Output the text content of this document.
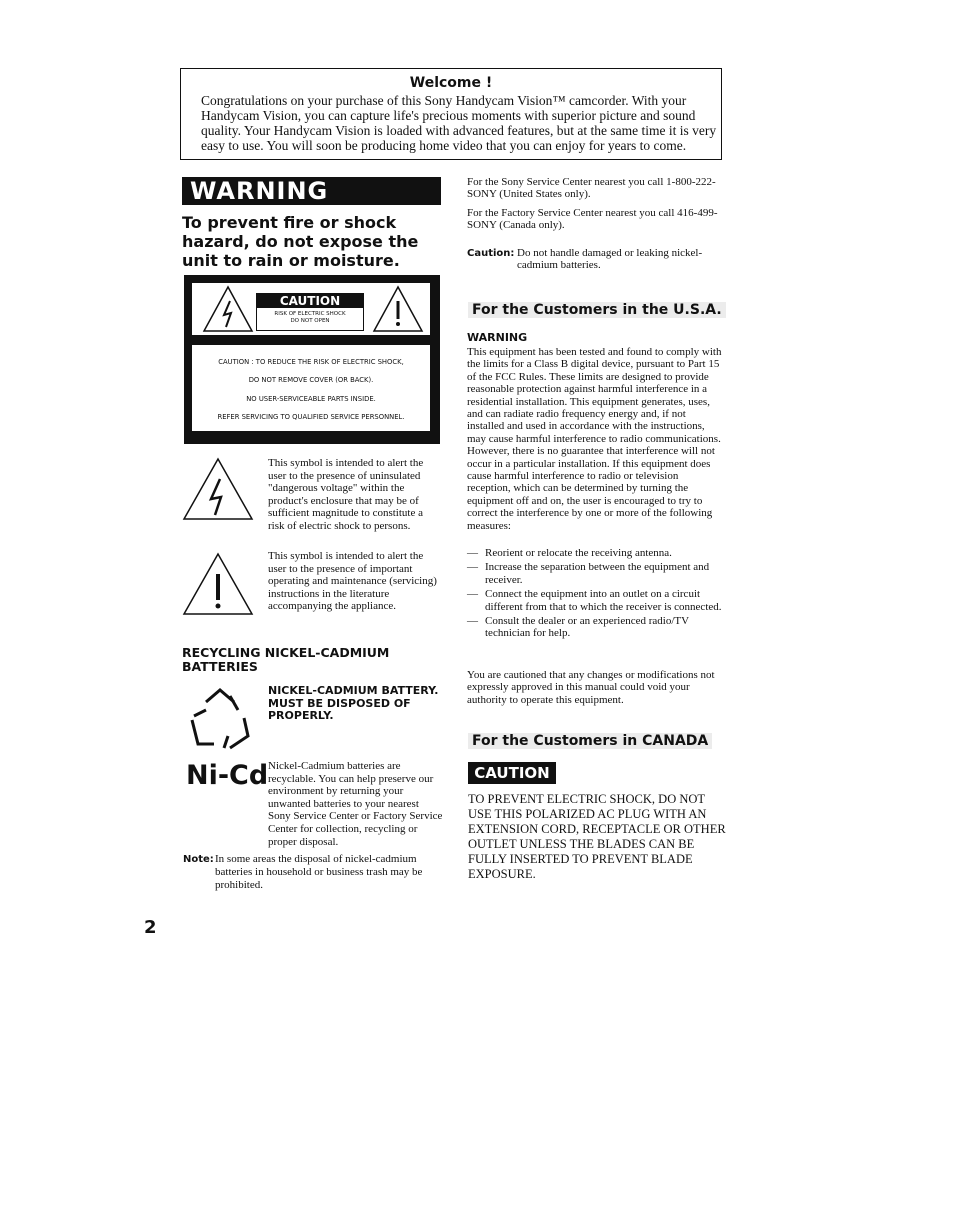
Welcome !
Congratulations on your purchase of this Sony Handycam Vision™ camcorder. With your Handycam Vision, you can capture life's precious moments with superior picture and sound quality. Your Handycam Vision is loaded with advanced features, but at the same time it is very easy to use. You will soon be producing home video that you can enjoy for years to come.
WARNING
To prevent fire or shock hazard, do not expose the unit to rain or moisture.
CAUTION
RISK OF ELECTRIC SHOCK
DO NOT OPEN
CAUTION : TO REDUCE THE RISK OF ELECTRIC SHOCK,
DO NOT REMOVE COVER (OR BACK).
NO USER-SERVICEABLE PARTS INSIDE.
REFER SERVICING TO QUALIFIED SERVICE PERSONNEL.
This symbol is intended to alert the user to the presence of uninsulated "dangerous voltage" within the product's enclosure that may be of sufficient magnitude to constitute a risk of electric shock to persons.
This symbol is intended to alert the user to the presence of important operating and maintenance (servicing) instructions in the literature accompanying the appliance.
RECYCLING NICKEL-CADMIUM BATTERIES
NICKEL-CADMIUM BATTERY.
MUST BE DISPOSED OF PROPERLY.
Ni-Cd Nickel-Cadmium batteries are recyclable. You can help preserve our environment by returning your unwanted batteries to your nearest Sony Service Center or Factory Service Center for collection, recycling or proper disposal.
Note: In some areas the disposal of nickel-cadmium batteries in household or business trash may be prohibited.
For the Sony Service Center nearest you call 1-800-222-SONY (United States only).
For the Factory Service Center nearest you call 416-499-SONY (Canada only).
Caution: Do not handle damaged or leaking nickel-cadmium batteries.
For the Customers in the U.S.A.
WARNING
This equipment has been tested and found to comply with the limits for a Class B digital device, pursuant to Part 15 of the FCC Rules. These limits are designed to provide reasonable protection against harmful interference in a residential installation. This equipment generates, uses, and can radiate radio frequency energy and, if not installed and used in accordance with the instructions, may cause harmful interference to radio communications. However, there is no guarantee that interference will not occur in a particular installation. If this equipment does cause harmful interference to radio or television reception, which can be determined by turning the equipment off and on, the user is encouraged to try to correct the interference by one or more of the following measures:
— Reorient or relocate the receiving antenna.
— Increase the separation between the equipment and receiver.
— Connect the equipment into an outlet on a circuit different from that to which the receiver is connected.
— Consult the dealer or an experienced radio/TV technician for help.
You are cautioned that any changes or modifications not expressly approved in this manual could void your authority to operate this equipment.
For the Customers in CANADA
CAUTION
TO PREVENT ELECTRIC SHOCK, DO NOT USE THIS POLARIZED AC PLUG WITH AN EXTENSION CORD, RECEPTACLE OR OTHER OUTLET UNLESS THE BLADES CAN BE FULLY INSERTED TO PREVENT BLADE EXPOSURE.
2
